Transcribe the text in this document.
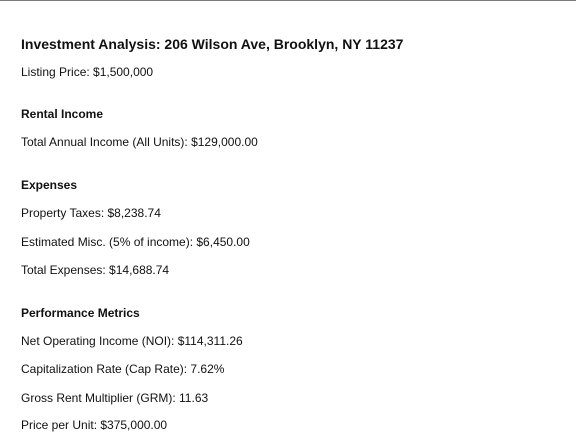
Investment Analysis: 206 Wilson Ave, Brooklyn, NY 11237
Listing Price: $1,500,000
Rental Income
Total Annual Income (All Units): $129,000.00
Expenses
Property Taxes: $8,238.74
Estimated Misc. (5% of income): $6,450.00
Total Expenses: $14,688.74
Performance Metrics
Net Operating Income (NOI): $114,311.26
Capitalization Rate (Cap Rate): 7.62%
Gross Rent Multiplier (GRM): 11.63
Price per Unit: $375,000.00
